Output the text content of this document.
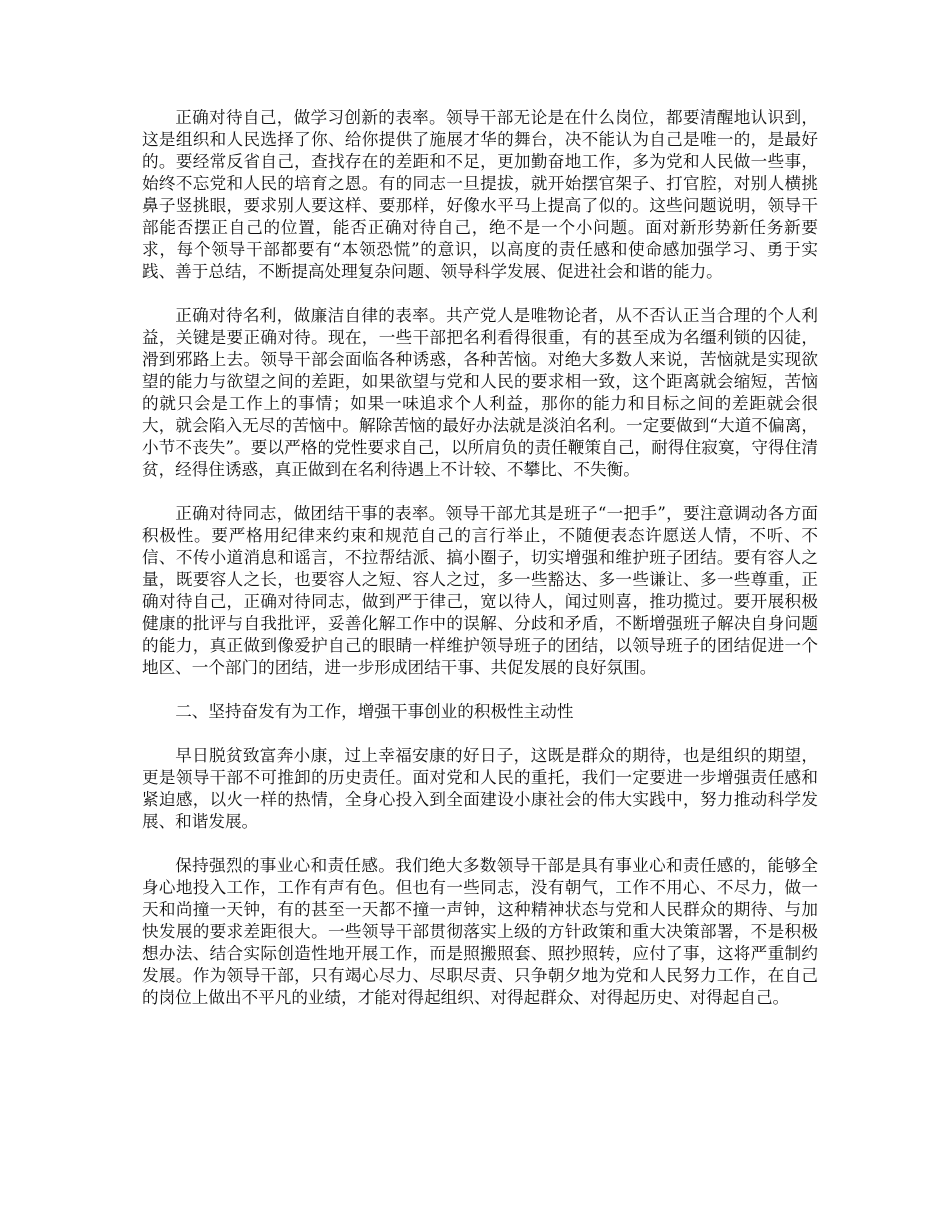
正确对待自己，做学习创新的表率。领导干部无论是在什么岗位，都要清醒地认识到，这是组织和人民选择了你、给你提供了施展才华的舞台，决不能认为自己是唯一的，是最好的。要经常反省自己，查找存在的差距和不足，更加勤奋地工作，多为党和人民做一些事，始终不忘党和人民的培育之恩。有的同志一旦提拔，就开始摆官架子、打官腔，对别人横挑鼻子竖挑眼，要求别人要这样、要那样，好像水平马上提高了似的。这些问题说明，领导干部能否摆正自己的位置，能否正确对待自己，绝不是一个小问题。面对新形势新任务新要求，每个领导干部都要有“本领恐慌”的意识，以高度的责任感和使命感加强学习、勇于实践、善于总结，不断提高处理复杂问题、领导科学发展、促进社会和谐的能力。

正确对待名利，做廉洁自律的表率。共产党人是唯物论者，从不否认正当合理的个人利益，关键是要正确对待。现在，一些干部把名利看得很重，有的甚至成为名缰利锁的囚徒，滑到邪路上去。领导干部会面临各种诱惑，各种苦恼。对绝大多数人来说，苦恼就是实现欲望的能力与欲望之间的差距，如果欲望与党和人民的要求相一致，这个距离就会缩短，苦恼的就只会是工作上的事情；如果一味追求个人利益，那你的能力和目标之间的差距就会很大，就会陷入无尽的苦恼中。解除苦恼的最好办法就是淡泊名利。一定要做到“大道不偏离，小节不丧失”。要以严格的党性要求自己，以所肩负的责任鞭策自己，耐得住寂寞，守得住清贫，经得住诱惑，真正做到在名利待遇上不计较、不攀比、不失衡。

正确对待同志，做团结干事的表率。领导干部尤其是班子“一把手”，要注意调动各方面积极性。要严格用纪律来约束和规范自己的言行举止，不随便表态许愿送人情，不听、不信、不传小道消息和谣言，不拉帮结派、搞小圈子，切实增强和维护班子团结。要有容人之量，既要容人之长，也要容人之短、容人之过，多一些豁达、多一些谦让、多一些尊重，正确对待自己，正确对待同志，做到严于律己，宽以待人，闻过则喜，推功揽过。要开展积极健康的批评与自我批评，妥善化解工作中的误解、分歧和矛盾，不断增强班子解决自身问题的能力，真正做到像爱护自己的眼睛一样维护领导班子的团结，以领导班子的团结促进一个地区、一个部门的团结，进一步形成团结干事、共促发展的良好氛围。

二、坚持奋发有为工作，增强干事创业的积极性主动性

早日脱贫致富奔小康，过上幸福安康的好日子，这既是群众的期待，也是组织的期望，更是领导干部不可推卸的历史责任。面对党和人民的重托，我们一定要进一步增强责任感和紧迫感，以火一样的热情，全身心投入到全面建设小康社会的伟大实践中，努力推动科学发展、和谐发展。

保持强烈的事业心和责任感。我们绝大多数领导干部是具有事业心和责任感的，能够全身心地投入工作，工作有声有色。但也有一些同志，没有朝气，工作不用心、不尽力，做一天和尚撞一天钟，有的甚至一天都不撞一声钟，这种精神状态与党和人民群众的期待、与加快发展的要求差距很大。一些领导干部贯彻落实上级的方针政策和重大决策部署，不是积极想办法、结合实际创造性地开展工作，而是照搬照套、照抄照转，应付了事，这将严重制约发展。作为领导干部，只有竭心尽力、尽职尽责、只争朝夕地为党和人民努力工作，在自己的岗位上做出不平凡的业绩，才能对得起组织、对得起群众、对得起历史、对得起自己。
